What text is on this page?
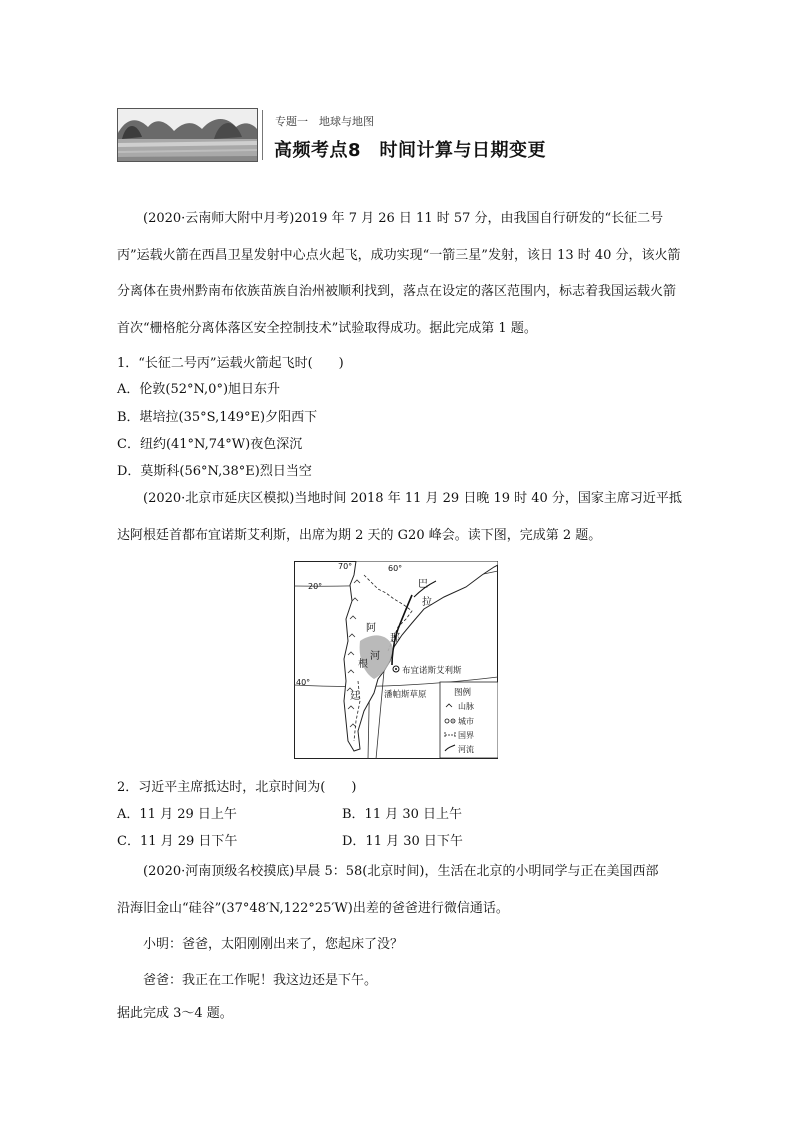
专题一　地球与地图
高频考点8　时间计算与日期变更

(2020·云南师大附中月考)2019 年 7 月 26 日 11 时 57 分，由我国自行研发的“长征二号丙”运载火箭在西昌卫星发射中心点火起飞，成功实现“一箭三星”发射，该日 13 时 40 分，该火箭分离体在贵州黔南布依族苗族自治州被顺利找到，落点在设定的落区范围内，标志着我国运载火箭首次“栅格舵分离体落区安全控制技术”试验取得成功。据此完成第 1 题。

1．“长征二号丙”运载火箭起飞时(　　)
A．伦敦(52°N,0°)旭日东升
B．堪培拉(35°S,149°E)夕阳西下
C．纽约(41°N,74°W)夜色深沉
D．莫斯科(56°N,38°E)烈日当空

(2020·北京市延庆区模拟)当地时间 2018 年 11 月 29 日晚 19 时 40 分，国家主席习近平抵达阿根廷首都布宜诺斯艾利斯，出席为期 2 天的 G20 峰会。读下图，完成第 2 题。

20°
40°
70°	60°
巴
拉
阿
根
廷
那
河
布宜诺斯艾利斯
潘帕斯草原	图例
山脉
城市
国界
河流
2．习近平主席抵达时，北京时间为(　　)
A．11 月 29 日上午	B．11 月 30 日上午
C．11 月 29 日下午	D．11 月 30 日下午
(2020·河南顶级名校摸底)早晨 5：58(北京时间)，生活在北京的小明同学与正在美国西部
沿海旧金山“硅谷”(37°48′N,122°25′W)出差的爸爸进行微信通话。
小明：爸爸，太阳刚刚出来了，您起床了没？
爸爸：我正在工作呢！我这边还是下午。
据此完成 3～4 题。
